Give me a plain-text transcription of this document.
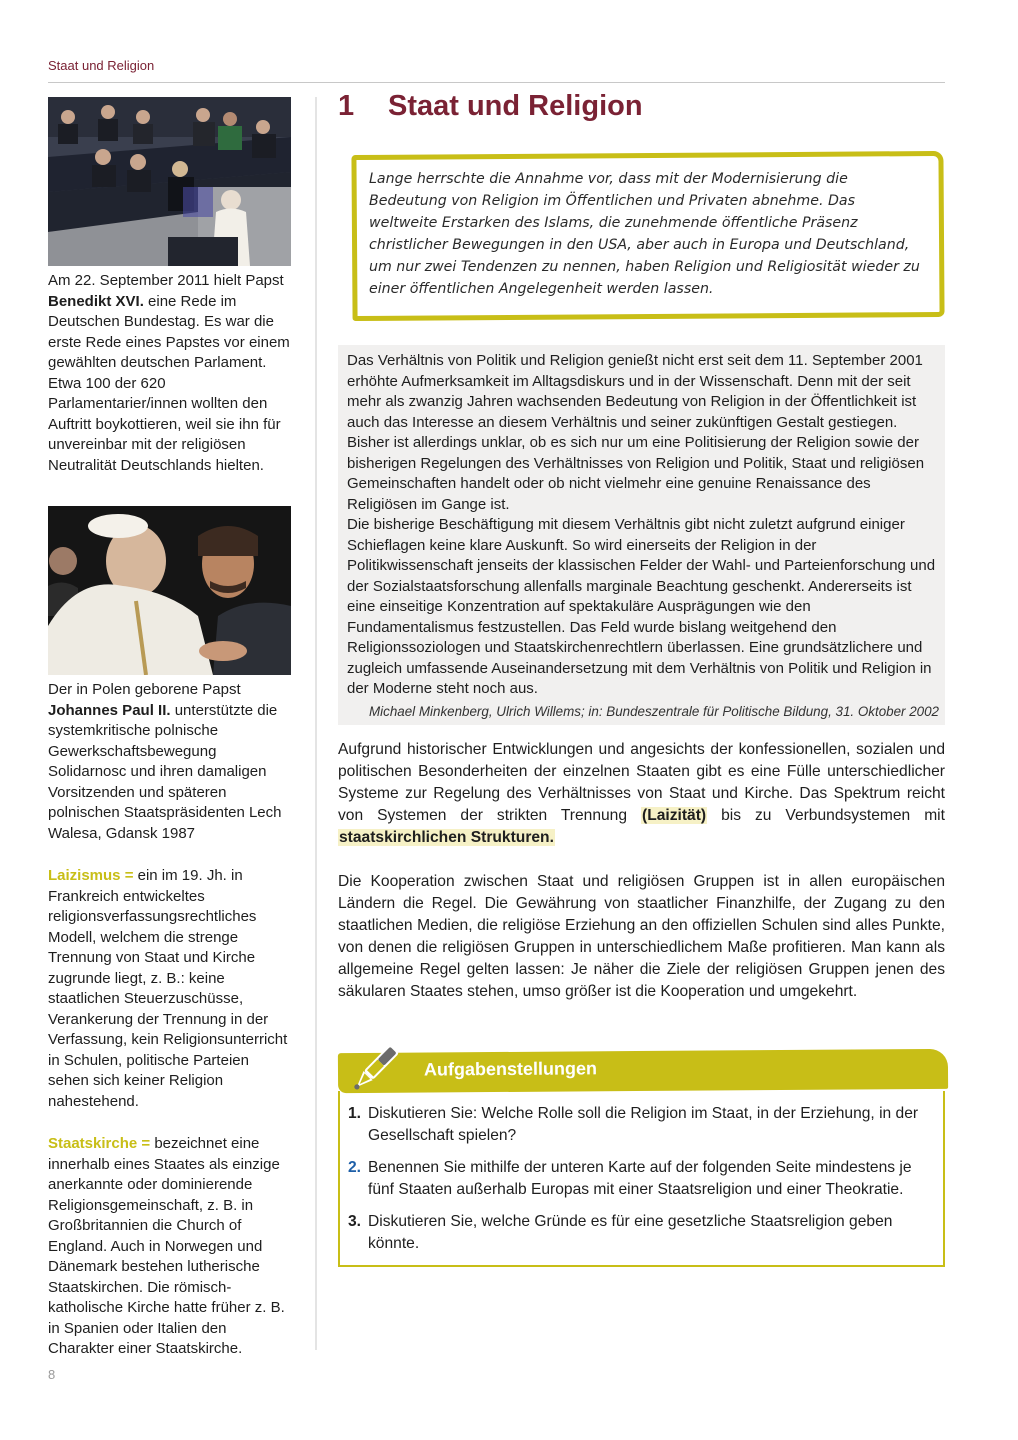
Staat und Religion

Am 22. September 2011 hielt Papst Benedikt XVI. eine Rede im Deutschen Bundestag. Es war die erste Rede eines Papstes vor einem gewählten deutschen Parlament. Etwa 100 der 620 Parlamentarier/innen wollten den Auftritt boykottieren, weil sie ihn für unvereinbar mit der religiösen Neutralität Deutschlands hielten.

Der in Polen geborene Papst Johannes Paul II. unterstützte die systemkritische polnische Gewerkschaftsbewegung Solidarnosc und ihren damaligen Vorsitzenden und späteren polnischen Staatspräsidenten Lech Walesa, Gdansk 1987

Laizismus = ein im 19. Jh. in Frankreich entwickeltes religionsverfassungsrechtliches Modell, welchem die strenge Trennung von Staat und Kirche zugrunde liegt, z. B.: keine staatlichen Steuerzuschüsse, Verankerung der Trennung in der Verfassung, kein Religionsunterricht in Schulen, politische Parteien sehen sich keiner Religion nahestehend.

Staatskirche = bezeichnet eine innerhalb eines Staates als einzige anerkannte oder dominierende Religionsgemeinschaft, z. B. in Großbritannien die Church of England. Auch in Norwegen und Dänemark bestehen lutherische Staatskirchen. Die römisch-katholische Kirche hatte früher z. B. in Spanien oder Italien den Charakter einer Staatskirche.

8
1	Staat und Religion

Lange herrschte die Annahme vor, dass mit der Modernisierung die Bedeutung von Religion im Öffentlichen und Privaten abnehme. Das weltweite Erstarken des Islams, die zunehmende öffentliche Präsenz christlicher Bewegungen in den USA, aber auch in Europa und Deutschland, um nur zwei Tendenzen zu nennen, haben Religion und Religiosität wieder zu einer öffentlichen Angelegenheit werden lassen.

Das Verhältnis von Politik und Religion genießt nicht erst seit dem 11. September 2001 erhöhte Aufmerksamkeit im Alltagsdiskurs und in der Wissenschaft. Denn mit der seit mehr als zwanzig Jahren wachsenden Bedeutung von Religion in der Öffentlichkeit ist auch das Interesse an diesem Verhältnis und seiner zukünftigen Gestalt gestiegen. Bisher ist allerdings unklar, ob es sich nur um eine Politisierung der Religion sowie der bisherigen Regelungen des Verhältnisses von Religion und Politik, Staat und religiösen Gemeinschaften handelt oder ob nicht vielmehr eine genuine Renaissance des Religiösen im Gange ist.

Die bisherige Beschäftigung mit diesem Verhältnis gibt nicht zuletzt aufgrund einiger Schieflagen keine klare Auskunft. So wird einerseits der Religion in der Politikwissenschaft jenseits der klassischen Felder der Wahl- und Parteienforschung und der Sozialstaatsforschung allenfalls marginale Beachtung geschenkt. Andererseits ist eine einseitige Konzentration auf spektakuläre Ausprägungen wie den Fundamentalismus festzustellen. Das Feld wurde bislang weitgehend den Religionssoziologen und Staatskirchenrechtlern überlassen. Eine grundsätzlichere und zugleich umfassende Auseinandersetzung mit dem Verhältnis von Politik und Religion in der Moderne steht noch aus.

Michael Minkenberg, Ulrich Willems; in: Bundeszentrale für Politische Bildung, 31. Oktober 2002

Aufgrund historischer Entwicklungen und angesichts der konfessionellen, sozialen und politischen Besonderheiten der einzelnen Staaten gibt es eine Fülle unterschiedlicher Systeme zur Regelung des Verhältnisses von Staat und Kirche. Das Spektrum reicht von Systemen der strikten Trennung (Laizität) bis zu Verbundsystemen mit staatskirchlichen Strukturen.

Die Kooperation zwischen Staat und religiösen Gruppen ist in allen europäischen Ländern die Regel. Die Gewährung von staatlicher Finanzhilfe, der Zugang zu den staatlichen Medien, die religiöse Erziehung an den offiziellen Schulen sind alles Punkte, von denen die religiösen Gruppen in unterschiedlichem Maße profitieren. Man kann als allgemeine Regel gelten lassen: Je näher die Ziele der religiösen Gruppen jenen des säkularen Staates stehen, umso größer ist die Kooperation und umgekehrt.

Aufgabenstellungen
1. Diskutieren Sie: Welche Rolle soll die Religion im Staat, in der Erziehung, in der Gesellschaft spielen?
2. Benennen Sie mithilfe der unteren Karte auf der folgenden Seite mindestens je fünf Staaten außerhalb Europas mit einer Staatsreligion und einer Theokratie.
3. Diskutieren Sie, welche Gründe es für eine gesetzliche Staatsreligion geben könnte.
